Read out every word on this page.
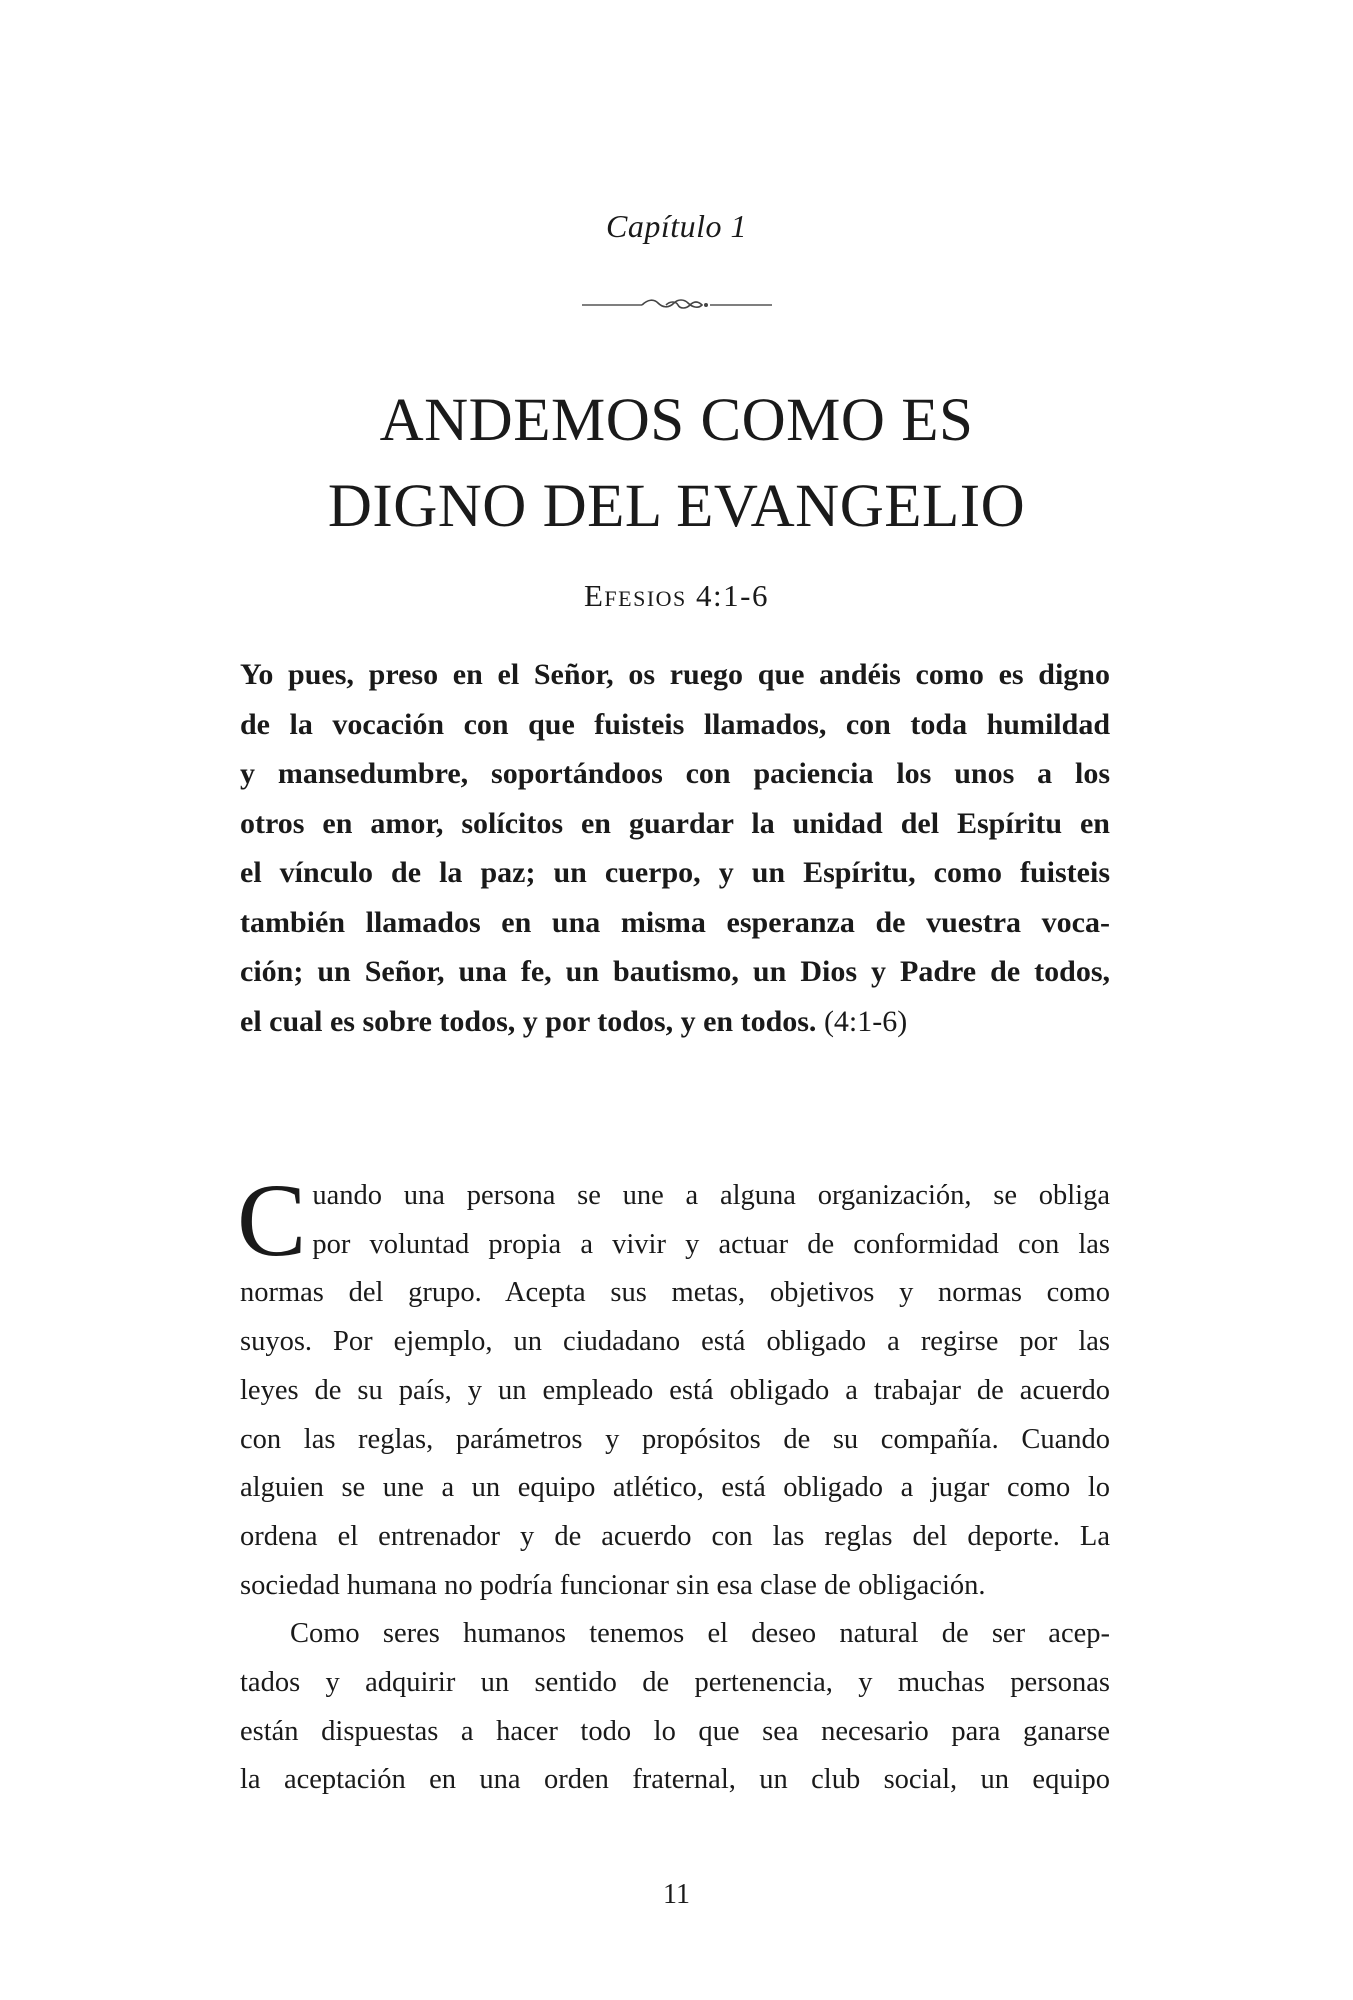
Capítulo 1
ANDEMOS COMO ES
DIGNO DEL EVANGELIO
Efesios 4:1-6
Yo pues, preso en el Señor, os ruego que andéis como es digno
de la vocación con que fuisteis llamados, con toda humildad
y mansedumbre, soportándoos con paciencia los unos a los
otros en amor, solícitos en guardar la unidad del Espíritu en
el vínculo de la paz; un cuerpo, y un Espíritu, como fuisteis
también llamados en una misma esperanza de vuestra voca-
ción; un Señor, una fe, un bautismo, un Dios y Padre de todos,
el cual es sobre todos, y por todos, y en todos. (4:1-6)
C uando una persona se une a alguna organización, se obliga

por voluntad propia a vivir y actuar de conformidad con las

normas del grupo. Acepta sus metas, objetivos y normas como

suyos. Por ejemplo, un ciudadano está obligado a regirse por las

leyes de su país, y un empleado está obligado a trabajar de acuerdo

con las reglas, parámetros y propósitos de su compañía. Cuando

alguien se une a un equipo atlético, está obligado a jugar como lo

ordena el entrenador y de acuerdo con las reglas del deporte. La

sociedad humana no podría funcionar sin esa clase de obligación.

Como seres humanos tenemos el deseo natural de ser acep-

tados y adquirir un sentido de pertenencia, y muchas personas

están dispuestas a hacer todo lo que sea necesario para ganarse

la aceptación en una orden fraternal, un club social, un equipo

11
